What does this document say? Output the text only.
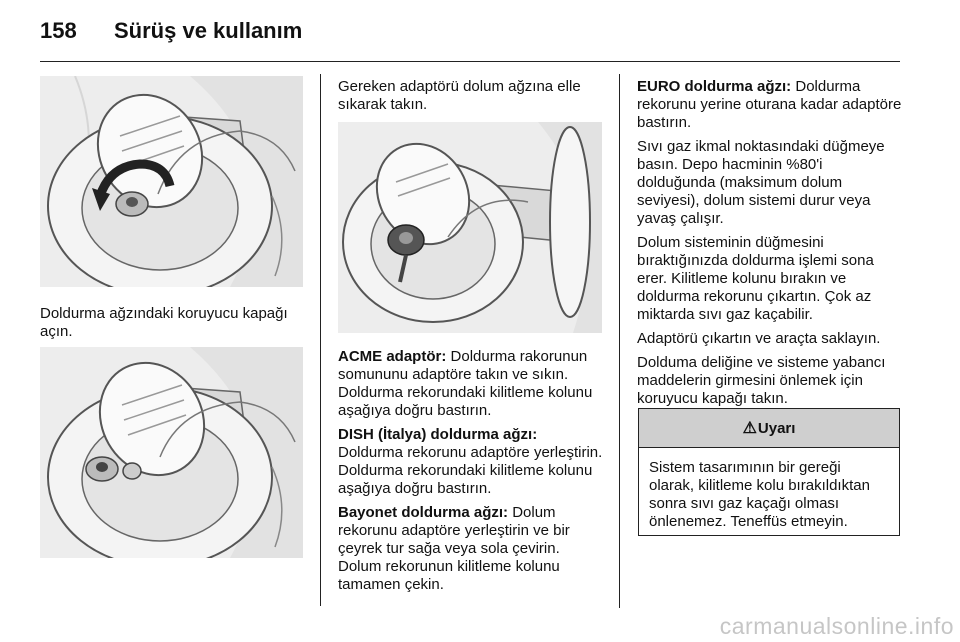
158 Sürüş ve kullanım

Doldurma ağzındaki koruyucu kapağı açın.

Gereken adaptörü dolum ağzına elle sıkarak takın.

ACME adaptör: Doldurma rakorunun somununu adaptöre takın ve sıkın. Doldurma rekorundaki kilitleme kolunu aşağıya doğru bastırın.

DISH (İtalya) doldurma ağzı:
Doldurma rekorunu adaptöre yerleştirin. Doldurma rekorundaki kilitleme kolunu aşağıya doğru bastırın.

Bayonet doldurma ağzı: Dolum rekorunu adaptöre yerleştirin ve bir çeyrek tur sağa veya sola çevirin. Dolum rekorunun kilitleme kolunu tamamen çekin.

EURO doldurma ağzı: Doldurma rekorunu yerine oturana kadar adaptöre bastırın.

Sıvı gaz ikmal noktasındaki düğmeye basın. Depo hacminin %80'i dolduğunda (maksimum dolum seviyesi), dolum sistemi durur veya yavaş çalışır.

Dolum sisteminin düğmesini bıraktığınızda doldurma işlemi sona erer. Kilitleme kolunu bırakın ve doldurma rekorunu çıkartın. Çok az miktarda sıvı gaz kaçabilir.

Adaptörü çıkartın ve araçta saklayın.

Dolduma deliğine ve sisteme yabancı maddelerin girmesini önlemek için koruyucu kapağı takın.

⚠ Uyarı
Sistem tasarımının bir gereği olarak, kilitleme kolu bırakıldıktan sonra sıvı gaz kaçağı olması önlenemez. Teneffüs etmeyin.
carmanualsonline.info
